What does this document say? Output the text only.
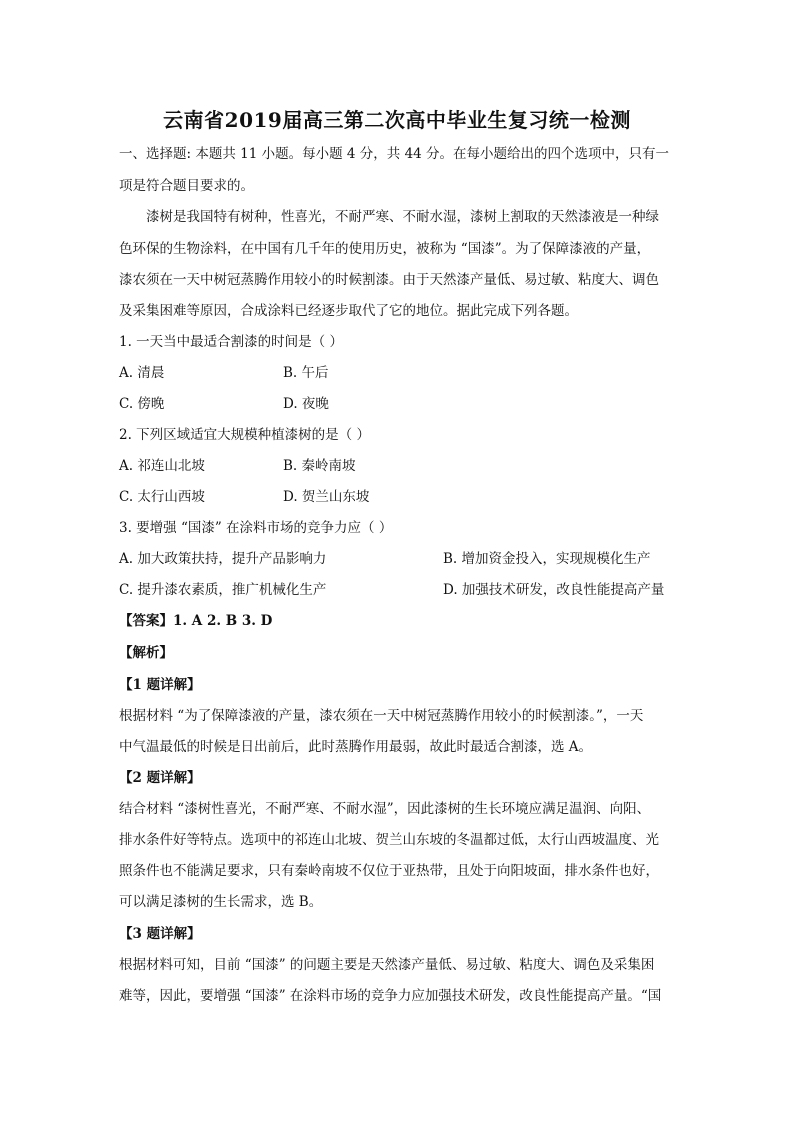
云南省2019届高三第二次高中毕业生复习统一检测
一、选择题: 本题共 11 小题。每小题 4 分，共 44 分。在每小题给出的四个选项中，只有一
项是符合题目要求的。
漆树是我国特有树种，性喜光，不耐严寒、不耐水湿，漆树上割取的天然漆液是一种绿
色环保的生物涂料，在中国有几千年的使用历史，被称为 “国漆”。为了保障漆液的产量，
漆农须在一天中树冠蒸腾作用较小的时候割漆。由于天然漆产量低、易过敏、粘度大、调色
及采集困难等原因，合成涂料已经逐步取代了它的地位。据此完成下列各题。
1. 一天当中最适合割漆的时间是（ ）
A. 清晨	B. 午后
C. 傍晚	D. 夜晚
2. 下列区域适宜大规模种植漆树的是（ ）
A. 祁连山北坡	B. 秦岭南坡
C. 太行山西坡	D. 贺兰山东坡
3. 要增强 “国漆” 在涂料市场的竞争力应（ ）
A. 加大政策扶持，提升产品影响力	B. 增加资金投入，实现规模化生产
C. 提升漆农素质，推广机械化生产	D. 加强技术研发，改良性能提高产量
【答案】1. A 2. B 3. D
【解析】
【1 题详解】
根据材料 “为了保障漆液的产量，漆农须在一天中树冠蒸腾作用较小的时候割漆。”，一天
中气温最低的时候是日出前后，此时蒸腾作用最弱，故此时最适合割漆，选 A。
【2 题详解】
结合材料 “漆树性喜光，不耐严寒、不耐水湿”，因此漆树的生长环境应满足温润、向阳、
排水条件好等特点。选项中的祁连山北坡、贺兰山东坡的冬温都过低，太行山西坡温度、光
照条件也不能满足要求，只有秦岭南坡不仅位于亚热带，且处于向阳坡面，排水条件也好，
可以满足漆树的生长需求，选 B。
【3 题详解】
根据材料可知，目前 “国漆” 的问题主要是天然漆产量低、易过敏、粘度大、调色及采集困
难等，因此，要增强 “国漆” 在涂料市场的竞争力应加强技术研发，改良性能提高产量。“国
